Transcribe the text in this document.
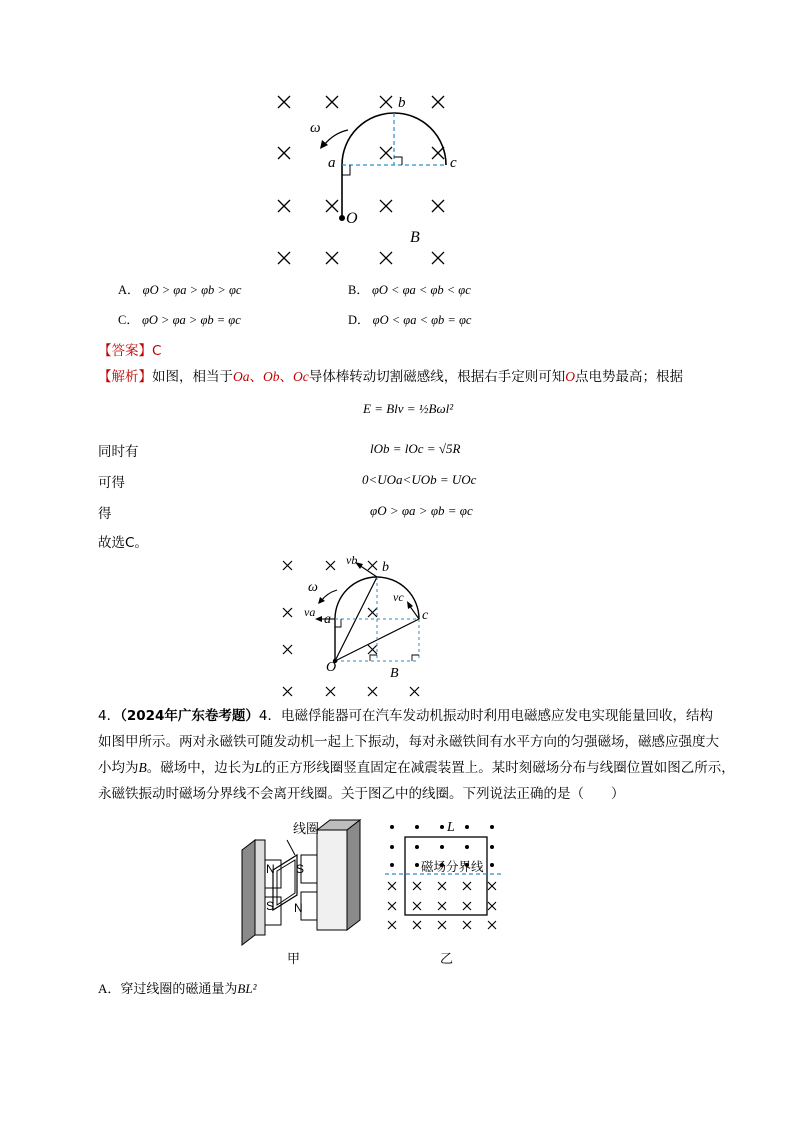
b
c
a
O
B
ω
A． φO > φa > φb > φc	B． φO < φa < φb < φc
C． φO > φa > φb = φc	D． φO < φa < φb = φc
【答案】C
【解析】如图，相当于Oa、Ob、Oc导体棒转动切割磁感线，根据右手定则可知O点电势最高；根据
E = Blv = ½Bωl²
同时有	lOb = lOc = √5R
可得	0<UOa<UOb = UOc
得	φO > φa > φb = φc
故选C。
vb b
ω
vc
va a	c
O	B
4．（2024年广东卷考题）4．电磁俘能器可在汽车发动机振动时利用电磁感应发电实现能量回收，结构
如图甲所示。两对永磁铁可随发动机一起上下振动，每对永磁铁间有水平方向的匀强磁场，磁感应强度大
小均为B。磁场中，边长为L的正方形线圈竖直固定在减震装置上。某时刻磁场分布与线圈位置如图乙所示，
永磁铁振动时磁场分界线不会离开线圈。关于图乙中的线圈。下列说法正确的是（　　）
线圈
N
S
S
N
甲
L
磁场分界线
乙
A．穿过线圈的磁通量为BL²
